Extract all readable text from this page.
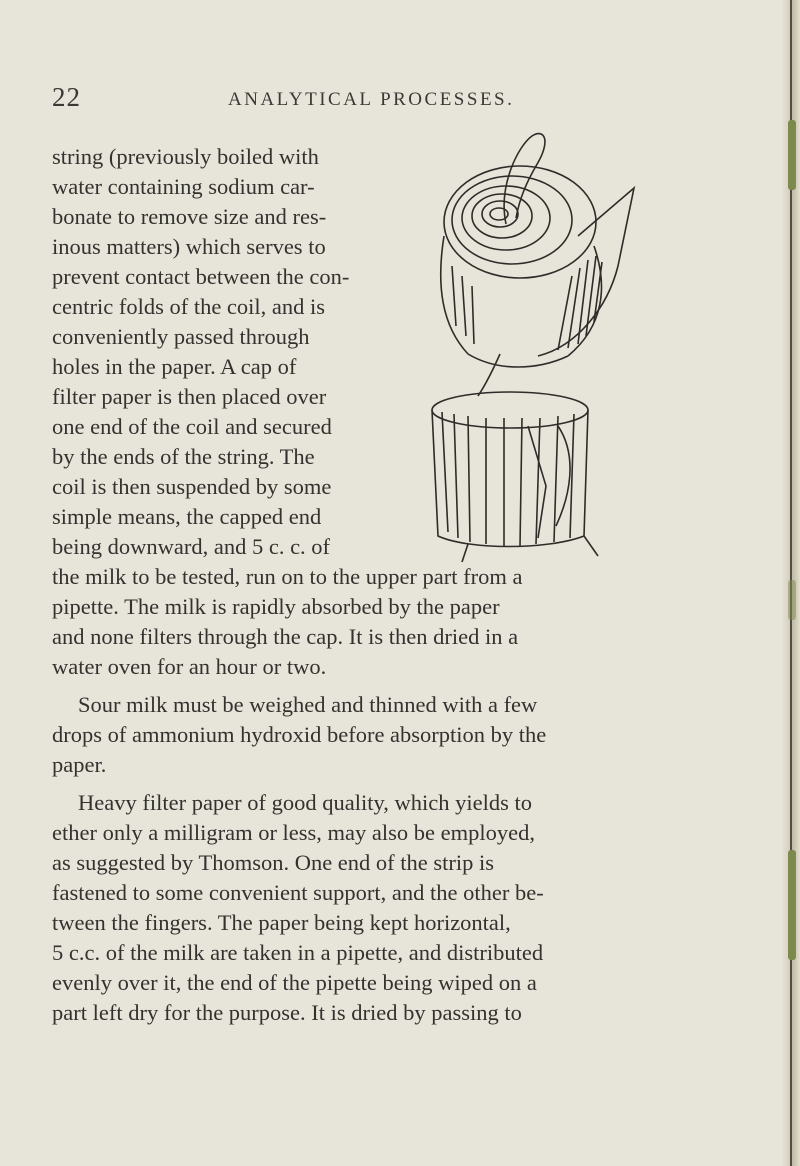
22	ANALYTICAL PROCESSES.
string (previously boiled with
water containing sodium car-
bonate to remove size and res-
inous matters) which serves to
prevent contact between the con-
centric folds of the coil, and is
conveniently passed through
holes in the paper. A cap of
filter paper is then placed over
one end of the coil and secured
by the ends of the string. The
coil is then suspended by some
simple means, the capped end
being downward, and 5 c. c. of
the milk to be tested, run on to the upper part from a
pipette. The milk is rapidly absorbed by the paper
and none filters through the cap. It is then dried in a
water oven for an hour or two.
Sour milk must be weighed and thinned with a few
drops of ammonium hydroxid before absorption by the
paper.
Heavy filter paper of good quality, which yields to
ether only a milligram or less, may also be employed,
as suggested by Thomson. One end of the strip is
fastened to some convenient support, and the other be-
tween the fingers. The paper being kept horizontal,
5 c.c. of the milk are taken in a pipette, and distributed
evenly over it, the end of the pipette being wiped on a
part left dry for the purpose. It is dried by passing to
